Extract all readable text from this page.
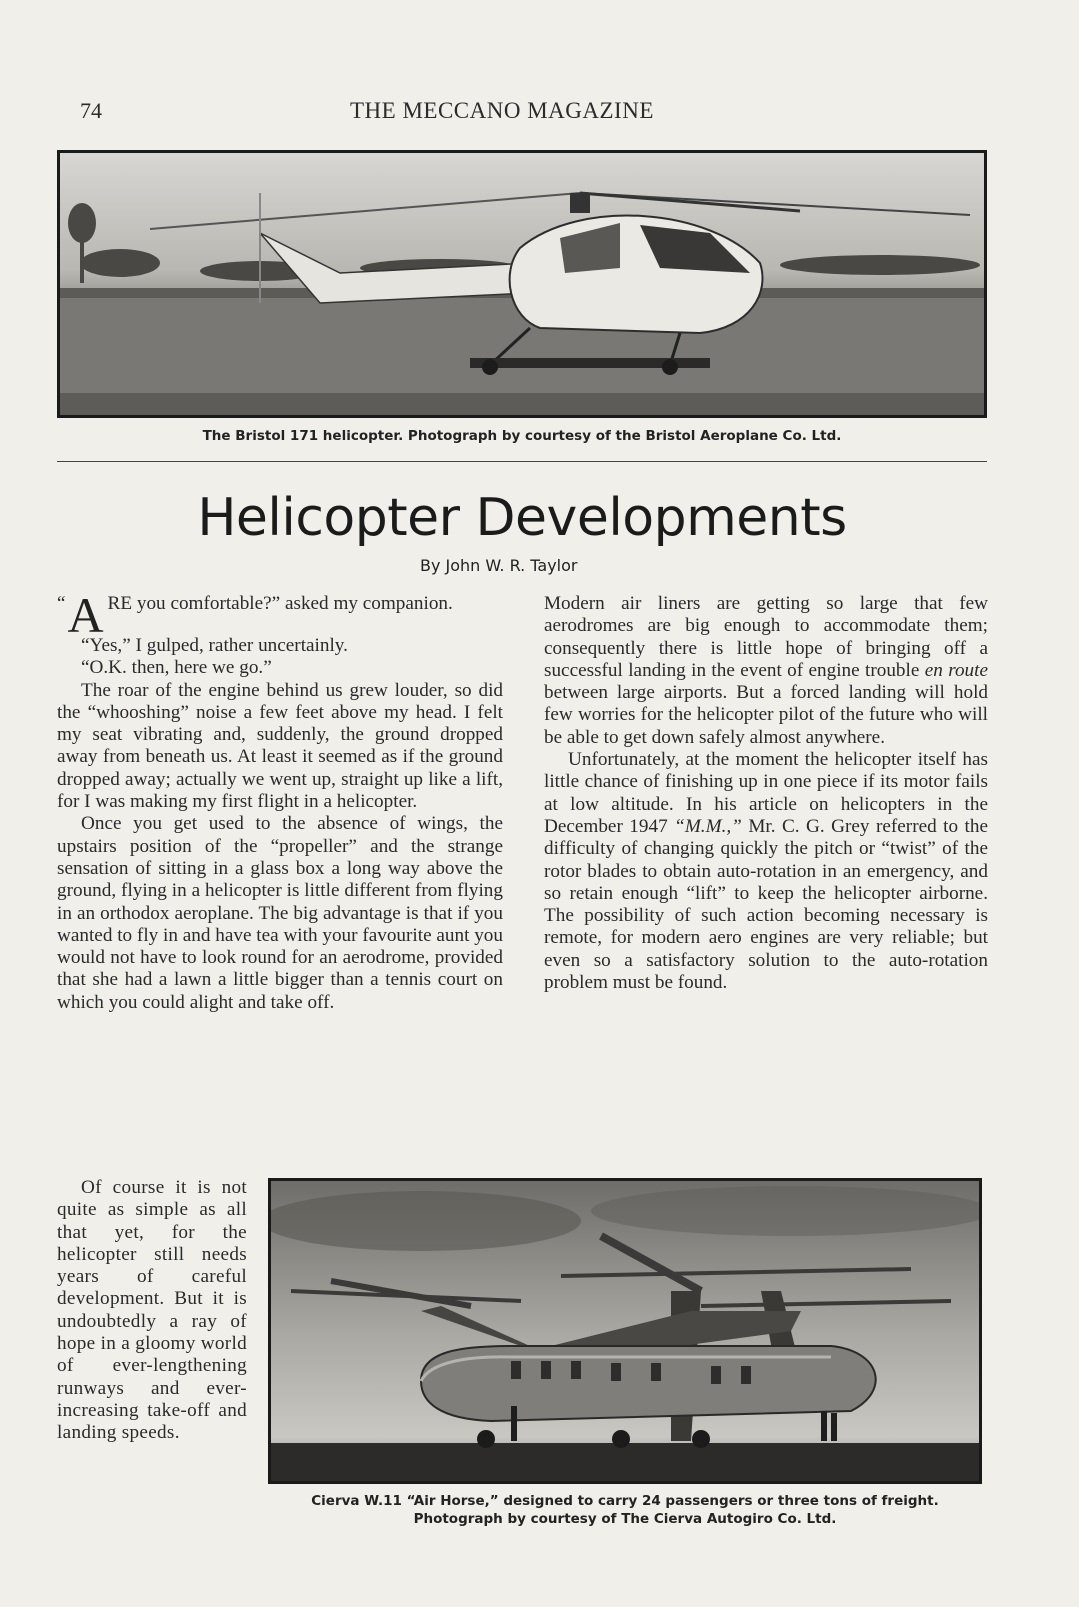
74	THE MECCANO MAGAZINE
The Bristol 171 helicopter. Photograph by courtesy of the Bristol Aeroplane Co. Ltd.
Helicopter Developments
By John W. R. Taylor

“ A RE you comfortable?” asked my companion.

“Yes,” I gulped, rather uncertainly.

“O.K. then, here we go.”

The roar of the engine behind us grew louder, so did the “whooshing” noise a few feet above my head. I felt my seat vibrating and, suddenly, the ground dropped away from beneath us. At least it seemed as if the ground dropped away; actually we went up, straight up like a lift, for I was making my first flight in a helicopter.

Once you get used to the absence of wings, the upstairs position of the “propeller” and the strange sensation of sitting in a glass box a long way above the ground, flying in a helicopter is little different from flying in an orthodox aeroplane. The big advantage is that if you wanted to fly in and have tea with your favourite aunt you would not have to look round for an aerodrome, provided that she had a lawn a little bigger than a tennis court on which you could alight and take off.

Of course it is not quite as simple as all that yet, for the helicopter still needs years of careful development. But it is undoubtedly a ray of hope in a gloomy world of ever-lengthening runways and ever-increasing take-off and landing speeds.

Modern air liners are getting so large that few aerodromes are big enough to accommodate them; consequently there is little hope of bringing off a successful landing in the event of engine trouble en route between large airports. But a forced landing will hold few worries for the helicopter pilot of the future who will be able to get down safely almost anywhere.

Unfortunately, at the moment the helicopter itself has little chance of finishing up in one piece if its motor fails at low altitude. In his article on helicopters in the December 1947 “M.M.,” Mr. C. G. Grey referred to the difficulty of changing quickly the pitch or “twist” of the rotor blades to obtain auto-rotation in an emergency, and so retain enough “lift” to keep the helicopter airborne. The possibility of such action becoming necessary is remote, for modern aero engines are very reliable; but even so a satisfactory solution to the auto-rotation problem must be found.

Cierva W.11 “Air Horse,” designed to carry 24 passengers or three tons of freight.
Photograph by courtesy of The Cierva Autogiro Co. Ltd.
